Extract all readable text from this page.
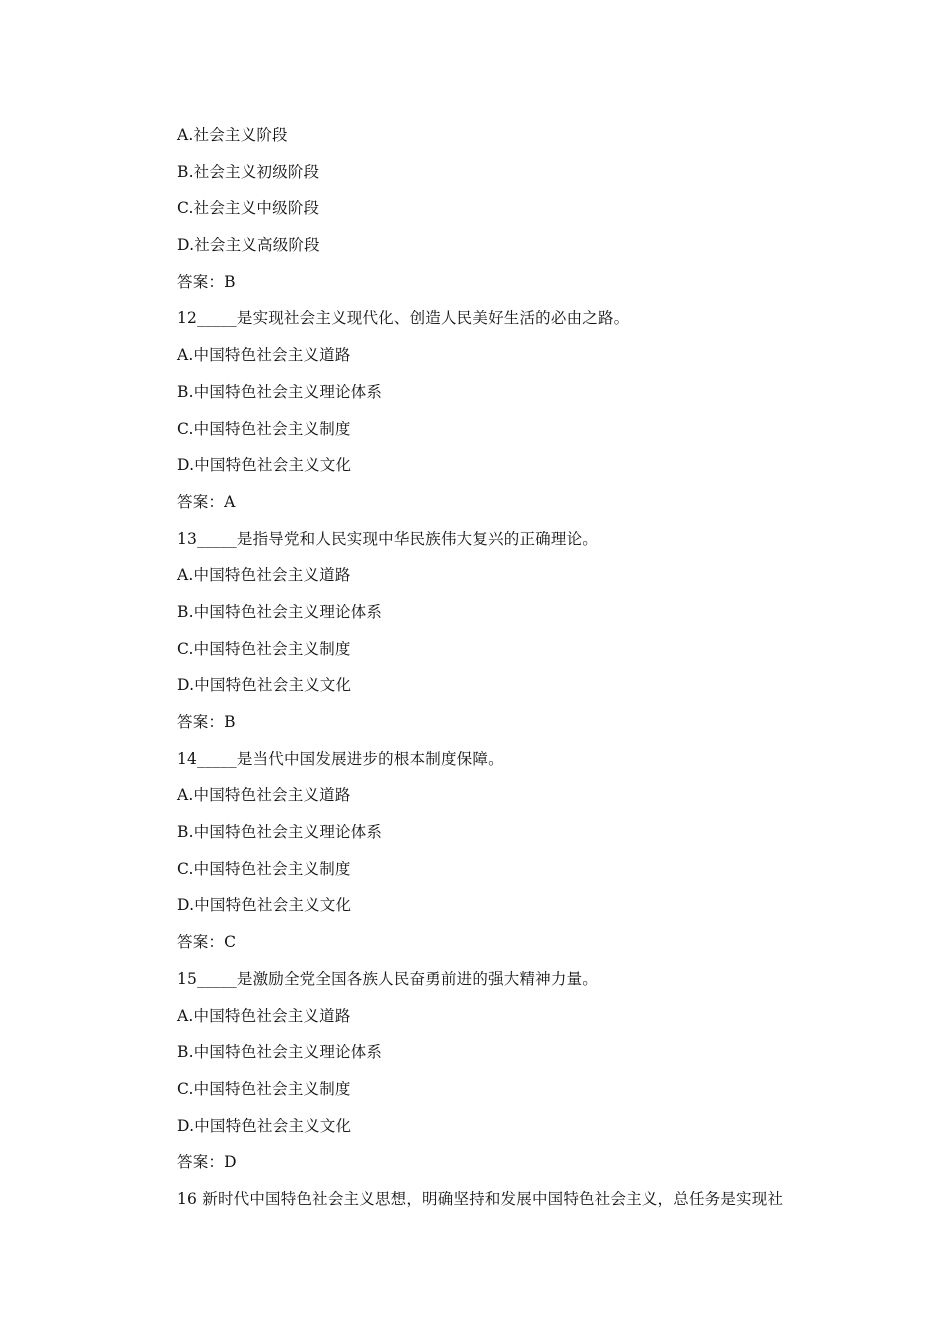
A.社会主义阶段
B.社会主义初级阶段
C.社会主义中级阶段
D.社会主义高级阶段
答案：B
12_____是实现社会主义现代化、创造人民美好生活的必由之路。
A.中国特色社会主义道路
B.中国特色社会主义理论体系
C.中国特色社会主义制度
D.中国特色社会主义文化
答案：A
13_____是指导党和人民实现中华民族伟大复兴的正确理论。
A.中国特色社会主义道路
B.中国特色社会主义理论体系
C.中国特色社会主义制度
D.中国特色社会主义文化
答案：B
14_____是当代中国发展进步的根本制度保障。
A.中国特色社会主义道路
B.中国特色社会主义理论体系
C.中国特色社会主义制度
D.中国特色社会主义文化
答案：C
15_____是激励全党全国各族人民奋勇前进的强大精神力量。
A.中国特色社会主义道路
B.中国特色社会主义理论体系
C.中国特色社会主义制度
D.中国特色社会主义文化
答案：D
16 新时代中国特色社会主义思想，明确坚持和发展中国特色社会主义，总任务是实现社
